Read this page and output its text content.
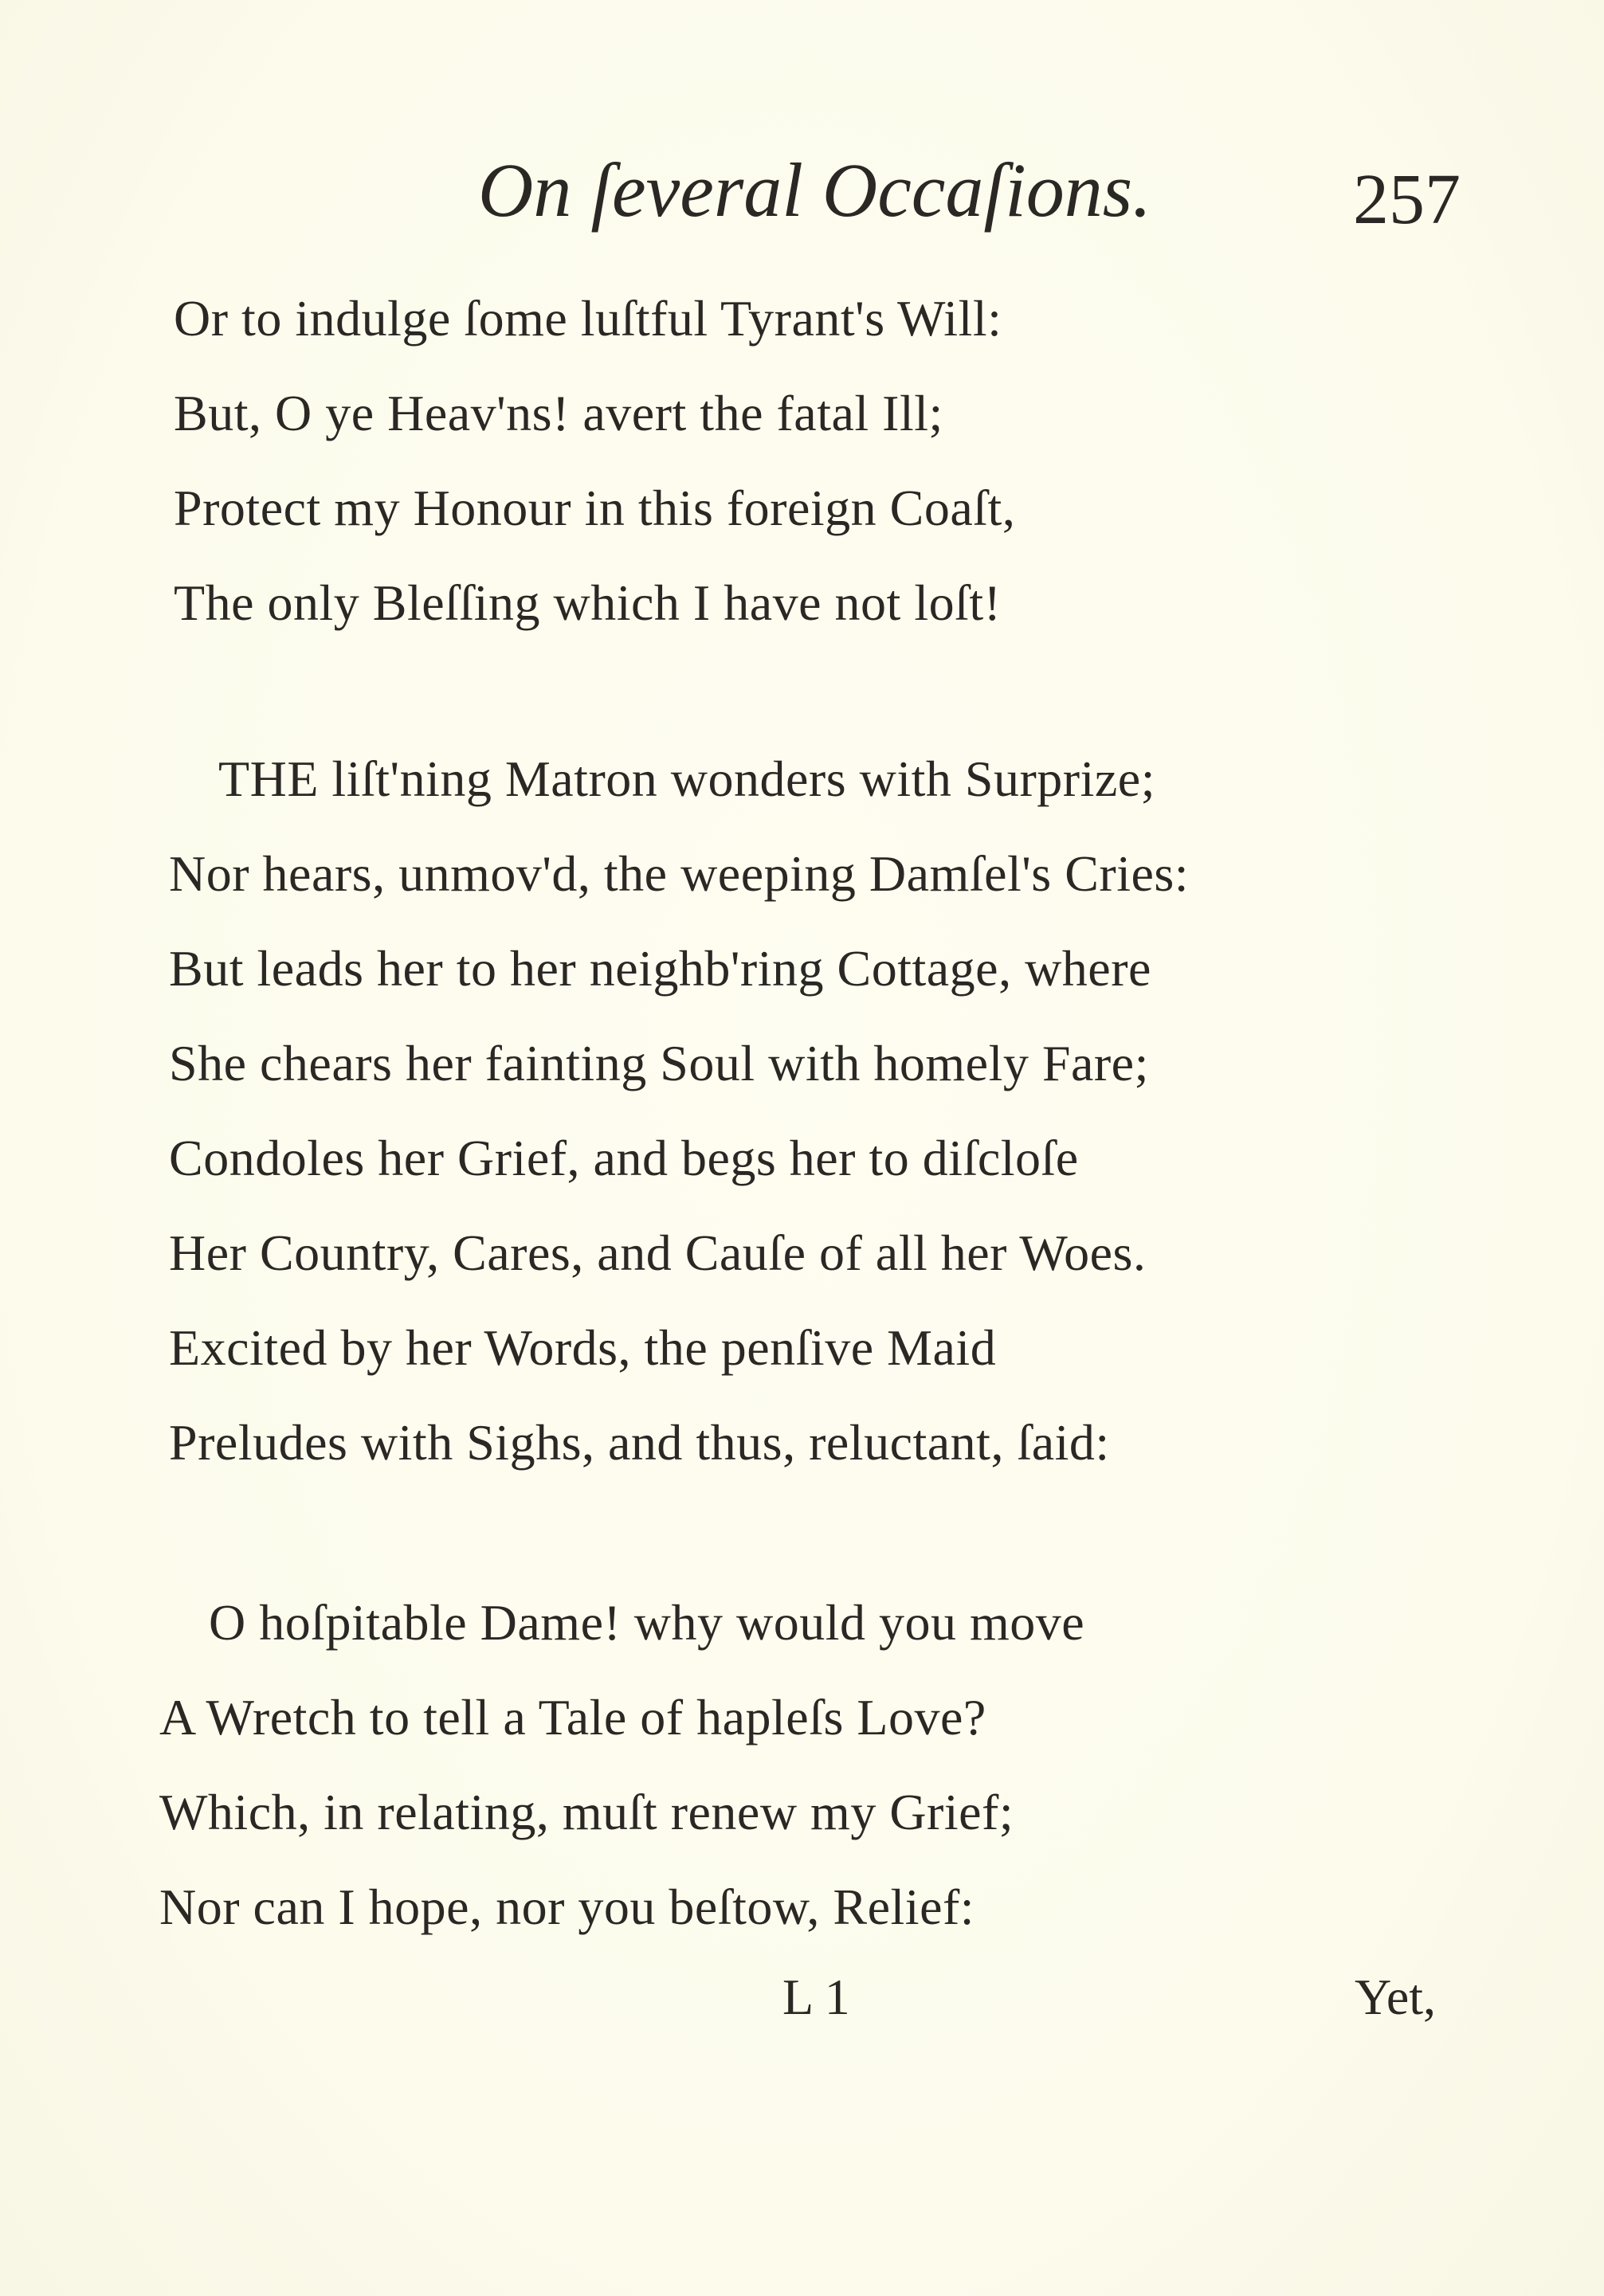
On ſeveral Occaſions.	257
Or to indulge ſome luſtful Tyrant's Will:
But, O ye Heav'ns! avert the fatal Ill;
Protect my Honour in this foreign Coaſt,
The only Bleſſing which I have not loſt!
THE liſt'ning Matron wonders with Surprize;
Nor hears, unmov'd, the weeping Damſel's Cries:
But leads her to her neighb'ring Cottage, where
She chears her fainting Soul with homely Fare;
Condoles her Grief, and begs her to diſcloſe
Her Country, Cares, and Cauſe of all her Woes.
Excited by her Words, the penſive Maid
Preludes with Sighs, and thus, reluctant, ſaid:
O hoſpitable Dame! why would you move
A Wretch to tell a Tale of hapleſs Love?
Which, in relating, muſt renew my Grief;
Nor can I hope, nor you beſtow, Relief:
L 1	Yet,
